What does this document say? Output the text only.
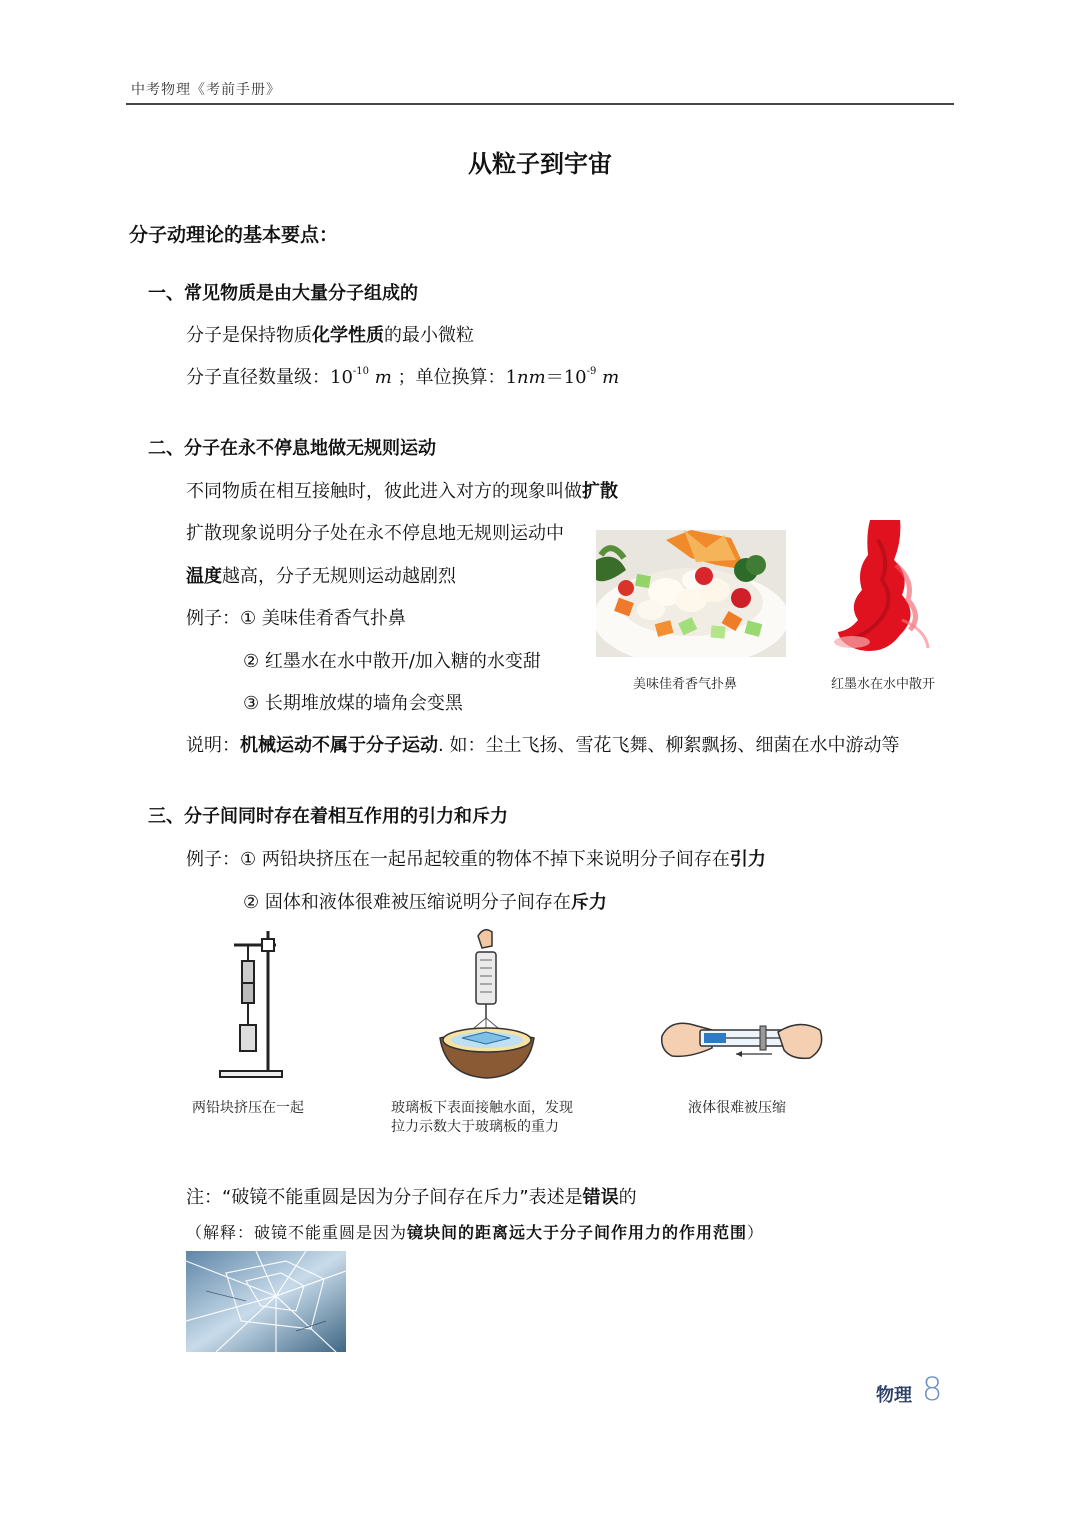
中考物理《考前手册》
从粒子到宇宙
分子动理论的基本要点：
一、常见物质是由大量分子组成的
分子是保持物质化学性质的最小微粒
分子直径数量级：$10^{-10}$ m ；单位换算：$1nm=10^{-9}$ m
二、分子在永不停息地做无规则运动
不同物质在相互接触时，彼此进入对方的现象叫做扩散
扩散现象说明分子处在永不停息地无规则运动中
温度越高，分子无规则运动越剧烈
例子：① 美味佳肴香气扑鼻
② 红墨水在水中散开/加入糖的水变甜
③ 长期堆放煤的墙角会变黑
说明：机械运动不属于分子运动. 如：尘土飞扬、雪花飞舞、柳絮飘扬、细菌在水中游动等
美味佳肴香气扑鼻	红墨水在水中散开
三、分子间同时存在着相互作用的引力和斥力
例子：① 两铅块挤压在一起吊起较重的物体不掉下来说明分子间存在引力
② 固体和液体很难被压缩说明分子间存在斥力
两铅块挤压在一起	玻璃板下表面接触水面，发现
拉力示数大于玻璃板的重力
液体很难被压缩
注：“破镜不能重圆是因为分子间存在斥力”表述是错误的
（解释：破镜不能重圆是因为镜块间的距离远大于分子间作用力的作用范围）
物理 8
